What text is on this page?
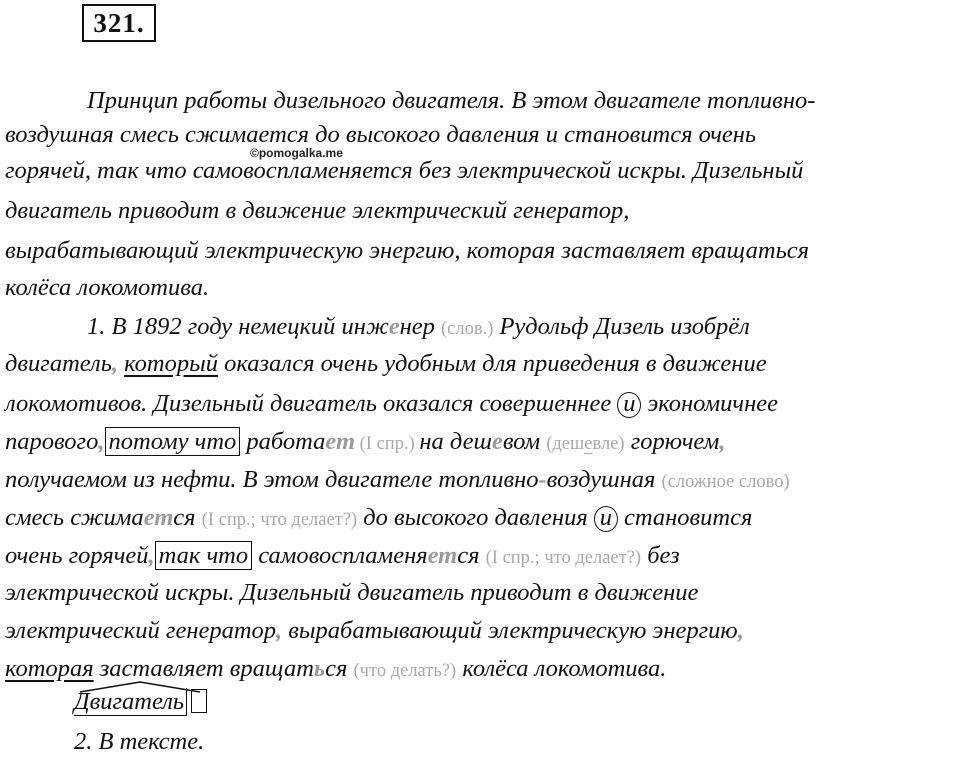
321.
©pomogalka.me
Принцип работы дизельного двигателя. В этом двигателе топливно-
воздушная смесь сжимается до высокого давления и становится очень
горячей, так что самовоспламеняется без электрической искры. Дизельный
двигатель приводит в движение электрический генератор,
вырабатывающий электрическую энергию, которая заставляет вращаться
колёса локомотива.
1. В 1892 году немецкий инженер (слов.) Рудольф Дизель изобрёл
двигатель, который оказался очень удобным для приведения в движение
локомотивов. Дизельный двигатель оказался совершеннее и экономичнее
парового, потому что работает (I спр.) на дешевом (дешевле) горючем,
получаемом из нефти. В этом двигателе топливно-воздушная (сложное слово)
смесь сжимается (I спр.; что делает?) до высокого давления и становится
очень горячей, так что самовоспламеняется (I спр.; что делает?) без
электрической искры. Дизельный двигатель приводит в движение
электрический генератор, вырабатывающий электрическую энергию,
которая заставляет вращаться (что делать?) колёса локомотива.
Двигатель
2. В тексте.
